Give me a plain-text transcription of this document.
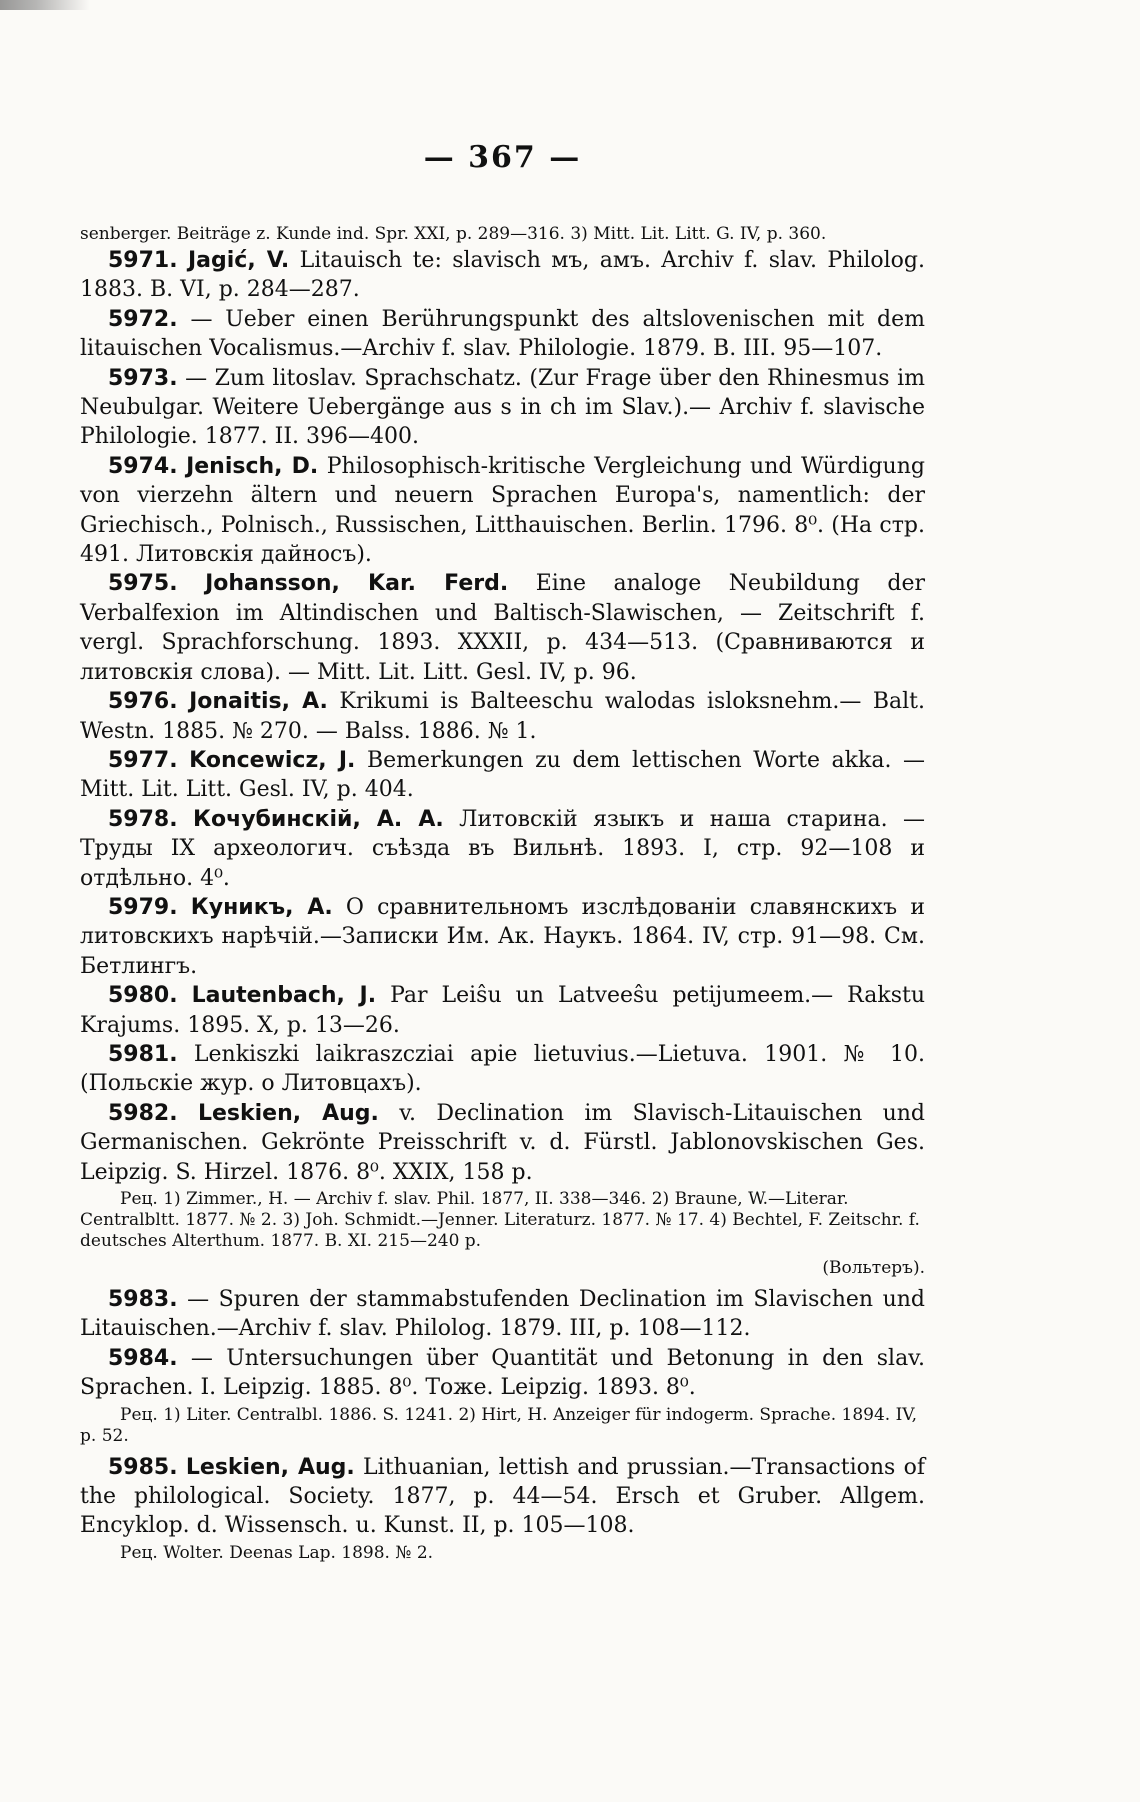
— 367 —

senberger. Beiträge z. Kunde ind. Spr. XXI, p. 289—316. 3) Mitt. Lit. Litt. G. IV, p. 360.

5971. Jagić, V. Litauisch te: slavisch мъ, амъ. Archiv f. slav. Philolog. 1883. B. VI, p. 284—287.

5972. — Ueber einen Berührungspunkt des altslovenischen mit dem litauischen Vocalismus.—Archiv f. slav. Philologie. 1879. B. III. 95—107.

5973. — Zum litoslav. Sprachschatz. (Zur Frage über den Rhinesmus im Neubulgar. Weitere Uebergänge aus s in ch im Slav.).— Archiv f. slavische Philologie. 1877. II. 396—400.

5974. Jenisch, D. Philosophisch-kritische Vergleichung und Würdigung von vierzehn ältern und neuern Sprachen Europa's, namentlich: der Griechisch., Polnisch., Russischen, Litthauischen. Berlin. 1796. 8⁰. (На стр. 491. Литовскія дайносъ).

5975. Johansson, Kar. Ferd. Eine analoge Neubildung der Verbalfexion im Altindischen und Baltisch-Slawischen, — Zeitschrift f. vergl. Sprachforschung. 1893. XXXII, p. 434—513. (Сравниваются и литовскія слова). — Mitt. Lit. Litt. Gesl. IV, p. 96.

5976. Jonaitis, A. Krikumi is Balteeschu walodas isloksnehm.— Balt. Westn. 1885. № 270. — Balss. 1886. № 1.

5977. Koncewicz, J. Bemerkungen zu dem lettischen Worte akka. — Mitt. Lit. Litt. Gesl. IV, p. 404.

5978. Кочубинскій, А. А. Литовскій языкъ и наша старина. — Труды IX археологич. съѣзда въ Вильнѣ. 1893. I, стр. 92—108 и отдѣльно. 4⁰.

5979. Куникъ, А. О сравнительномъ изслѣдованіи славянскихъ и литовскихъ нарѣчій.—Записки Им. Ак. Наукъ. 1864. IV, стр. 91—98. См. Бетлингъ.

5980. Lautenbach, J. Par Leiŝu un Latveeŝu petijumeem.— Rakstu Krajums. 1895. X, p. 13—26.

5981. Lenkiszki laikraszcziai apie lietuvius.—Lietuva. 1901. № 10. (Польскіе жур. о Литовцахъ).

5982. Leskien, Aug. v. Declination im Slavisch-Litauischen und Germanischen. Gekrönte Preisschrift v. d. Fürstl. Jablonovskischen Ges. Leipzig. S. Hirzel. 1876. 8⁰. XXIX, 158 p.

Рец. 1) Zimmer., H. — Archiv f. slav. Phil. 1877, II. 338—346. 2) Braune, W.—Literar. Centralbltt. 1877. № 2. 3) Joh. Schmidt.—Jenner. Literaturz. 1877. № 17. 4) Bechtel, F. Zeitschr. f. deutsches Alterthum. 1877. B. XI. 215—240 p.

(Вольтеръ).

5983. — Spuren der stammabstufenden Declination im Slavischen und Litauischen.—Archiv f. slav. Philolog. 1879. III, p. 108—112.

5984. — Untersuchungen über Quantität und Betonung in den slav. Sprachen. I. Leipzig. 1885. 8⁰. Тоже. Leipzig. 1893. 8⁰.

Рец. 1) Liter. Centralbl. 1886. S. 1241. 2) Hirt, H. Anzeiger für indogerm. Sprache. 1894. IV, p. 52.

5985. Leskien, Aug. Lithuanian, lettish and prussian.—Transactions of the philological. Society. 1877, p. 44—54. Ersch et Gruber. Allgem. Encyklop. d. Wissensch. u. Kunst. II, p. 105—108.

Рец. Wolter. Deenas Lap. 1898. № 2.
